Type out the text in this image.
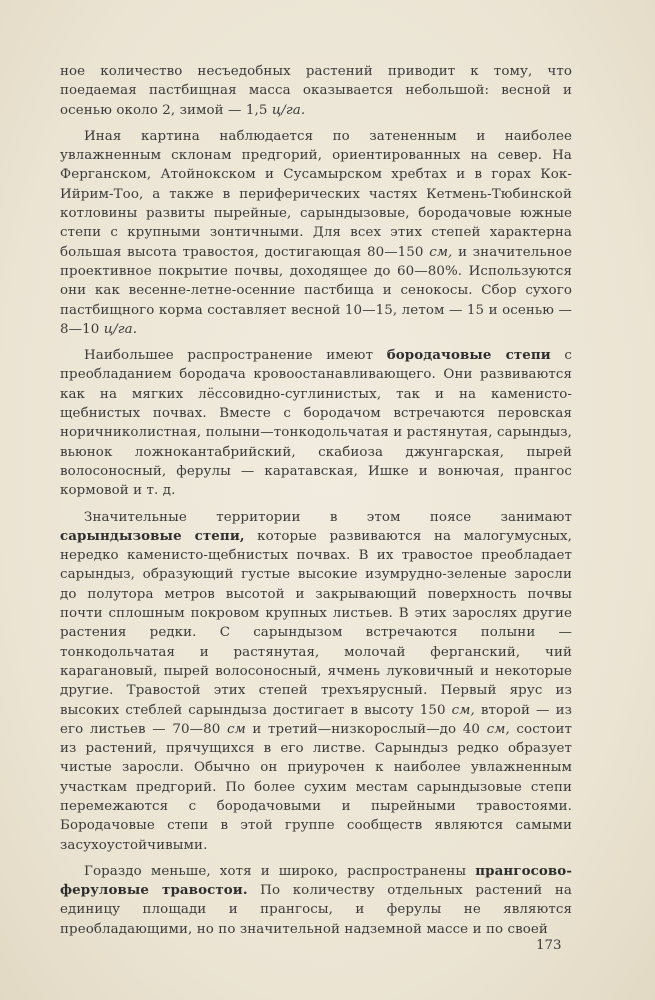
ное количество несъедобных растений приводит к тому, что поедаемая пастбищная масса оказывается небольшой: весной и осенью около 2, зимой — 1,5 ц/га.

Иная картина наблюдается по затененным и наиболее увлажненным склонам предгорий, ориентированных на север. На Ферганском, Атойнокском и Сусамырском хребтах и в горах Кок-Ийрим-Тоо, а также в периферических частях Кетмень-Тюбинской котловины развиты пырейные, сарындызовые, бородачовые южные степи с крупными зонтичными. Для всех этих степей характерна большая высота травостоя, достигающая 80—150 см, и значительное проективное покрытие почвы, доходящее до 60—80%. Используются они как весенне-летне-осенние пастбища и сенокосы. Сбор сухого пастбищного корма составляет весной 10—15, летом — 15 и осенью — 8—10 ц/га.

Наибольшее распространение имеют бородачовые степи с преобладанием бородача кровоостанавливающего. Они развиваются как на мягких лёссовидно-суглинистых, так и на каменисто-щебнистых почвах. Вместе с бородачом встречаются перовская норичниколистная, полыни—тонкодольчатая и растянутая, сарындыз, вьюнок ложнокантабрийский, скабиоза джунгарская, пырей волосоносный, ферулы — каратавская, Ишке и вонючая, прангос кормовой и т. д.

Значительные территории в этом поясе занимают сарындызовые степи, которые развиваются на малогумусных, нередко каменисто-щебнистых почвах. В их травостое преобладает сарындыз, образующий густые высокие изумрудно-зеленые заросли до полутора метров высотой и закрывающий поверхность почвы почти сплошным покровом крупных листьев. В этих зарослях другие растения редки. С сарындызом встречаются полыни — тонкодольчатая и растянутая, молочай ферганский, чий карагановый, пырей волосоносный, ячмень луковичный и некоторые другие. Травостой этих степей трехъярусный. Первый ярус из высоких стеблей сарындыза достигает в высоту 150 см, второй — из его листьев — 70—80 см и третий—низкорослый—до 40 см, состоит из растений, прячущихся в его листве. Сарындыз редко образует чистые заросли. Обычно он приурочен к наиболее увлажненным участкам предгорий. По более сухим местам сарындызовые степи перемежаются с бородачовыми и пырейными травостоями. Бородачовые степи в этой группе сообществ являются самыми засухоустойчивыми.

Гораздо меньше, хотя и широко, распространены прангосово-феруловые травостои. По количеству отдельных растений на единицу площади и прангосы, и ферулы не являются преобладающими, но по значительной надземной массе и по своей

173
